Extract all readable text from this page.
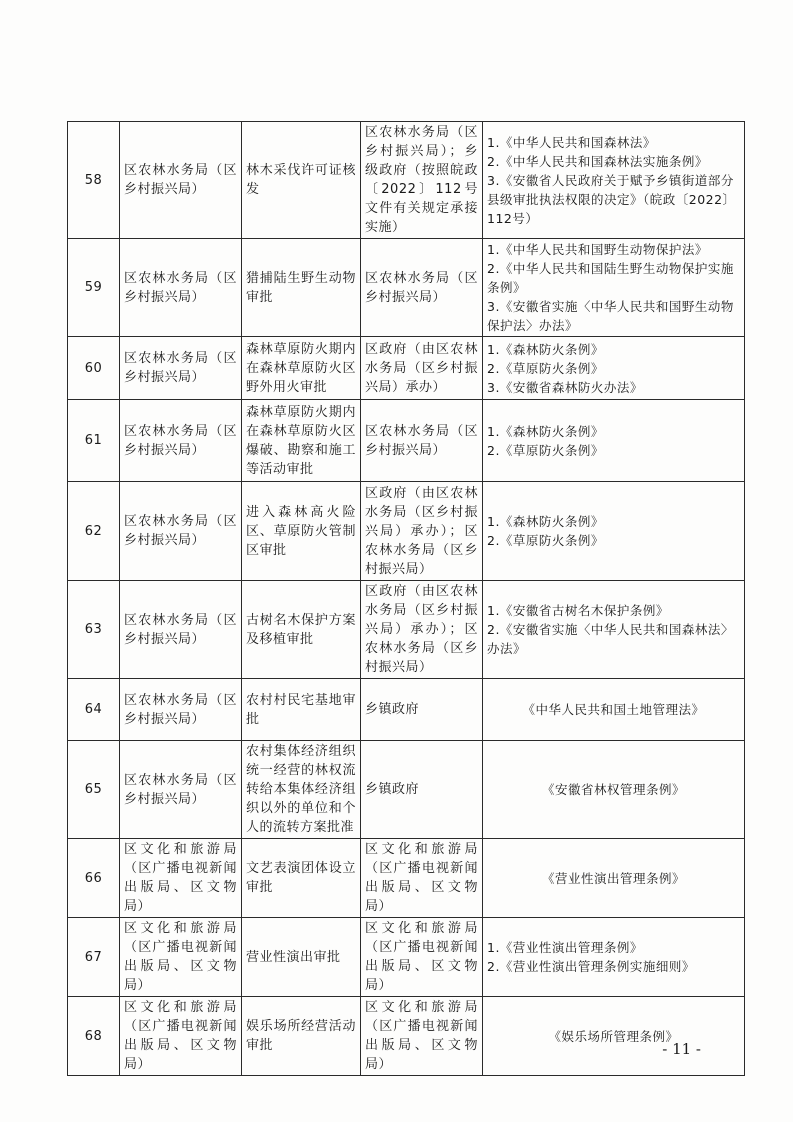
58	区农林水务局（区乡村振兴局）	林木采伐许可证核发	区农林水务局（区乡村振兴局）；乡级政府（按照皖政〔2022〕112号文件有关规定承接实施）	1.《中华人民共和国森林法》
2.《中华人民共和国森林法实施条例》
3.《安徽省人民政府关于赋予乡镇街道部分县级审批执法权限的决定》（皖政〔2022〕112号）

59	区农林水务局（区乡村振兴局）	猎捕陆生野生动物审批	区农林水务局（区乡村振兴局）	1.《中华人民共和国野生动物保护法》
2.《中华人民共和国陆生野生动物保护实施条例》
3.《安徽省实施〈中华人民共和国野生动物保护法〉办法》

60	区农林水务局（区乡村振兴局）	森林草原防火期内在森林草原防火区野外用火审批	区政府（由区农林水务局（区乡村振兴局）承办）	1.《森林防火条例》
2.《草原防火条例》
3.《安徽省森林防火办法》

61	区农林水务局（区乡村振兴局）	森林草原防火期内在森林草原防火区爆破、勘察和施工等活动审批	区农林水务局（区乡村振兴局）	1.《森林防火条例》
2.《草原防火条例》

62	区农林水务局（区乡村振兴局）	进入森林高火险区、草原防火管制区审批	区政府（由区农林水务局（区乡村振兴局）承办）；区农林水务局（区乡村振兴局）	1.《森林防火条例》
2.《草原防火条例》

63	区农林水务局（区乡村振兴局）	古树名木保护方案及移植审批	区政府（由区农林水务局（区乡村振兴局）承办）；区农林水务局（区乡村振兴局）	1.《安徽省古树名木保护条例》
2.《安徽省实施〈中华人民共和国森林法〉办法》

64	区农林水务局（区乡村振兴局）	农村村民宅基地审批	乡镇政府	《中华人民共和国土地管理法》

65	区农林水务局（区乡村振兴局）	农村集体经济组织统一经营的林权流转给本集体经济组织以外的单位和个人的流转方案批准	乡镇政府	《安徽省林权管理条例》

66	区文化和旅游局（区广播电视新闻出版局、区文物局）	文艺表演团体设立审批	区文化和旅游局（区广播电视新闻出版局、区文物局）	《营业性演出管理条例》

67	区文化和旅游局（区广播电视新闻出版局、区文物局）	营业性演出审批	区文化和旅游局（区广播电视新闻出版局、区文物局）	1.《营业性演出管理条例》
2.《营业性演出管理条例实施细则》

68	区文化和旅游局（区广播电视新闻出版局、区文物局）	娱乐场所经营活动审批	区文化和旅游局（区广播电视新闻出版局、区文物局）	《娱乐场所管理条例》
- 11 -
